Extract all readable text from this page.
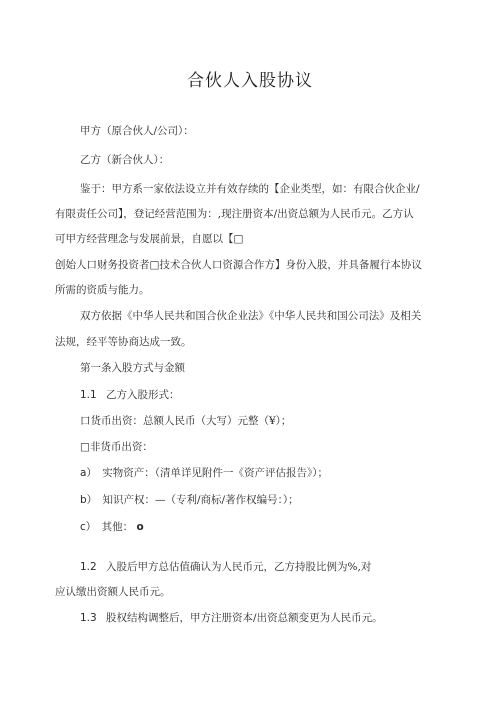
合伙人入股协议
甲方（原合伙人/公司）：
乙方（新合伙人）：
鉴于：甲方系一家依法设立并有效存续的【企业类型，如：有限合伙企业/
有限责任公司】，登记经营范围为：,现注册资本/出资总额为人民币元。乙方认
可甲方经营理念与发展前景，自愿以【□
创始人口财务投资者□技术合伙人口资源合作方】身份入股，并具备履行本协议
所需的资质与能力。
双方依据《中华人民共和国合伙企业法》《中华人民共和国公司法》及相关
法规，经平等协商达成一致。
第一条入股方式与金额
1.1 乙方入股形式：
口货币出资：总额人民币（大写）元整（¥）；
□非货币出资：
a） 实物资产：（清单详见附件一《资产评估报告》）；
b） 知识产权：—（专利/商标/著作权编号：）；
c） 其他： o
1.2 入股后甲方总估值确认为人民币元，乙方持股比例为%,对
应认缴出资额人民币元。
1.3 股权结构调整后，甲方注册资本/出资总额变更为人民币元。
